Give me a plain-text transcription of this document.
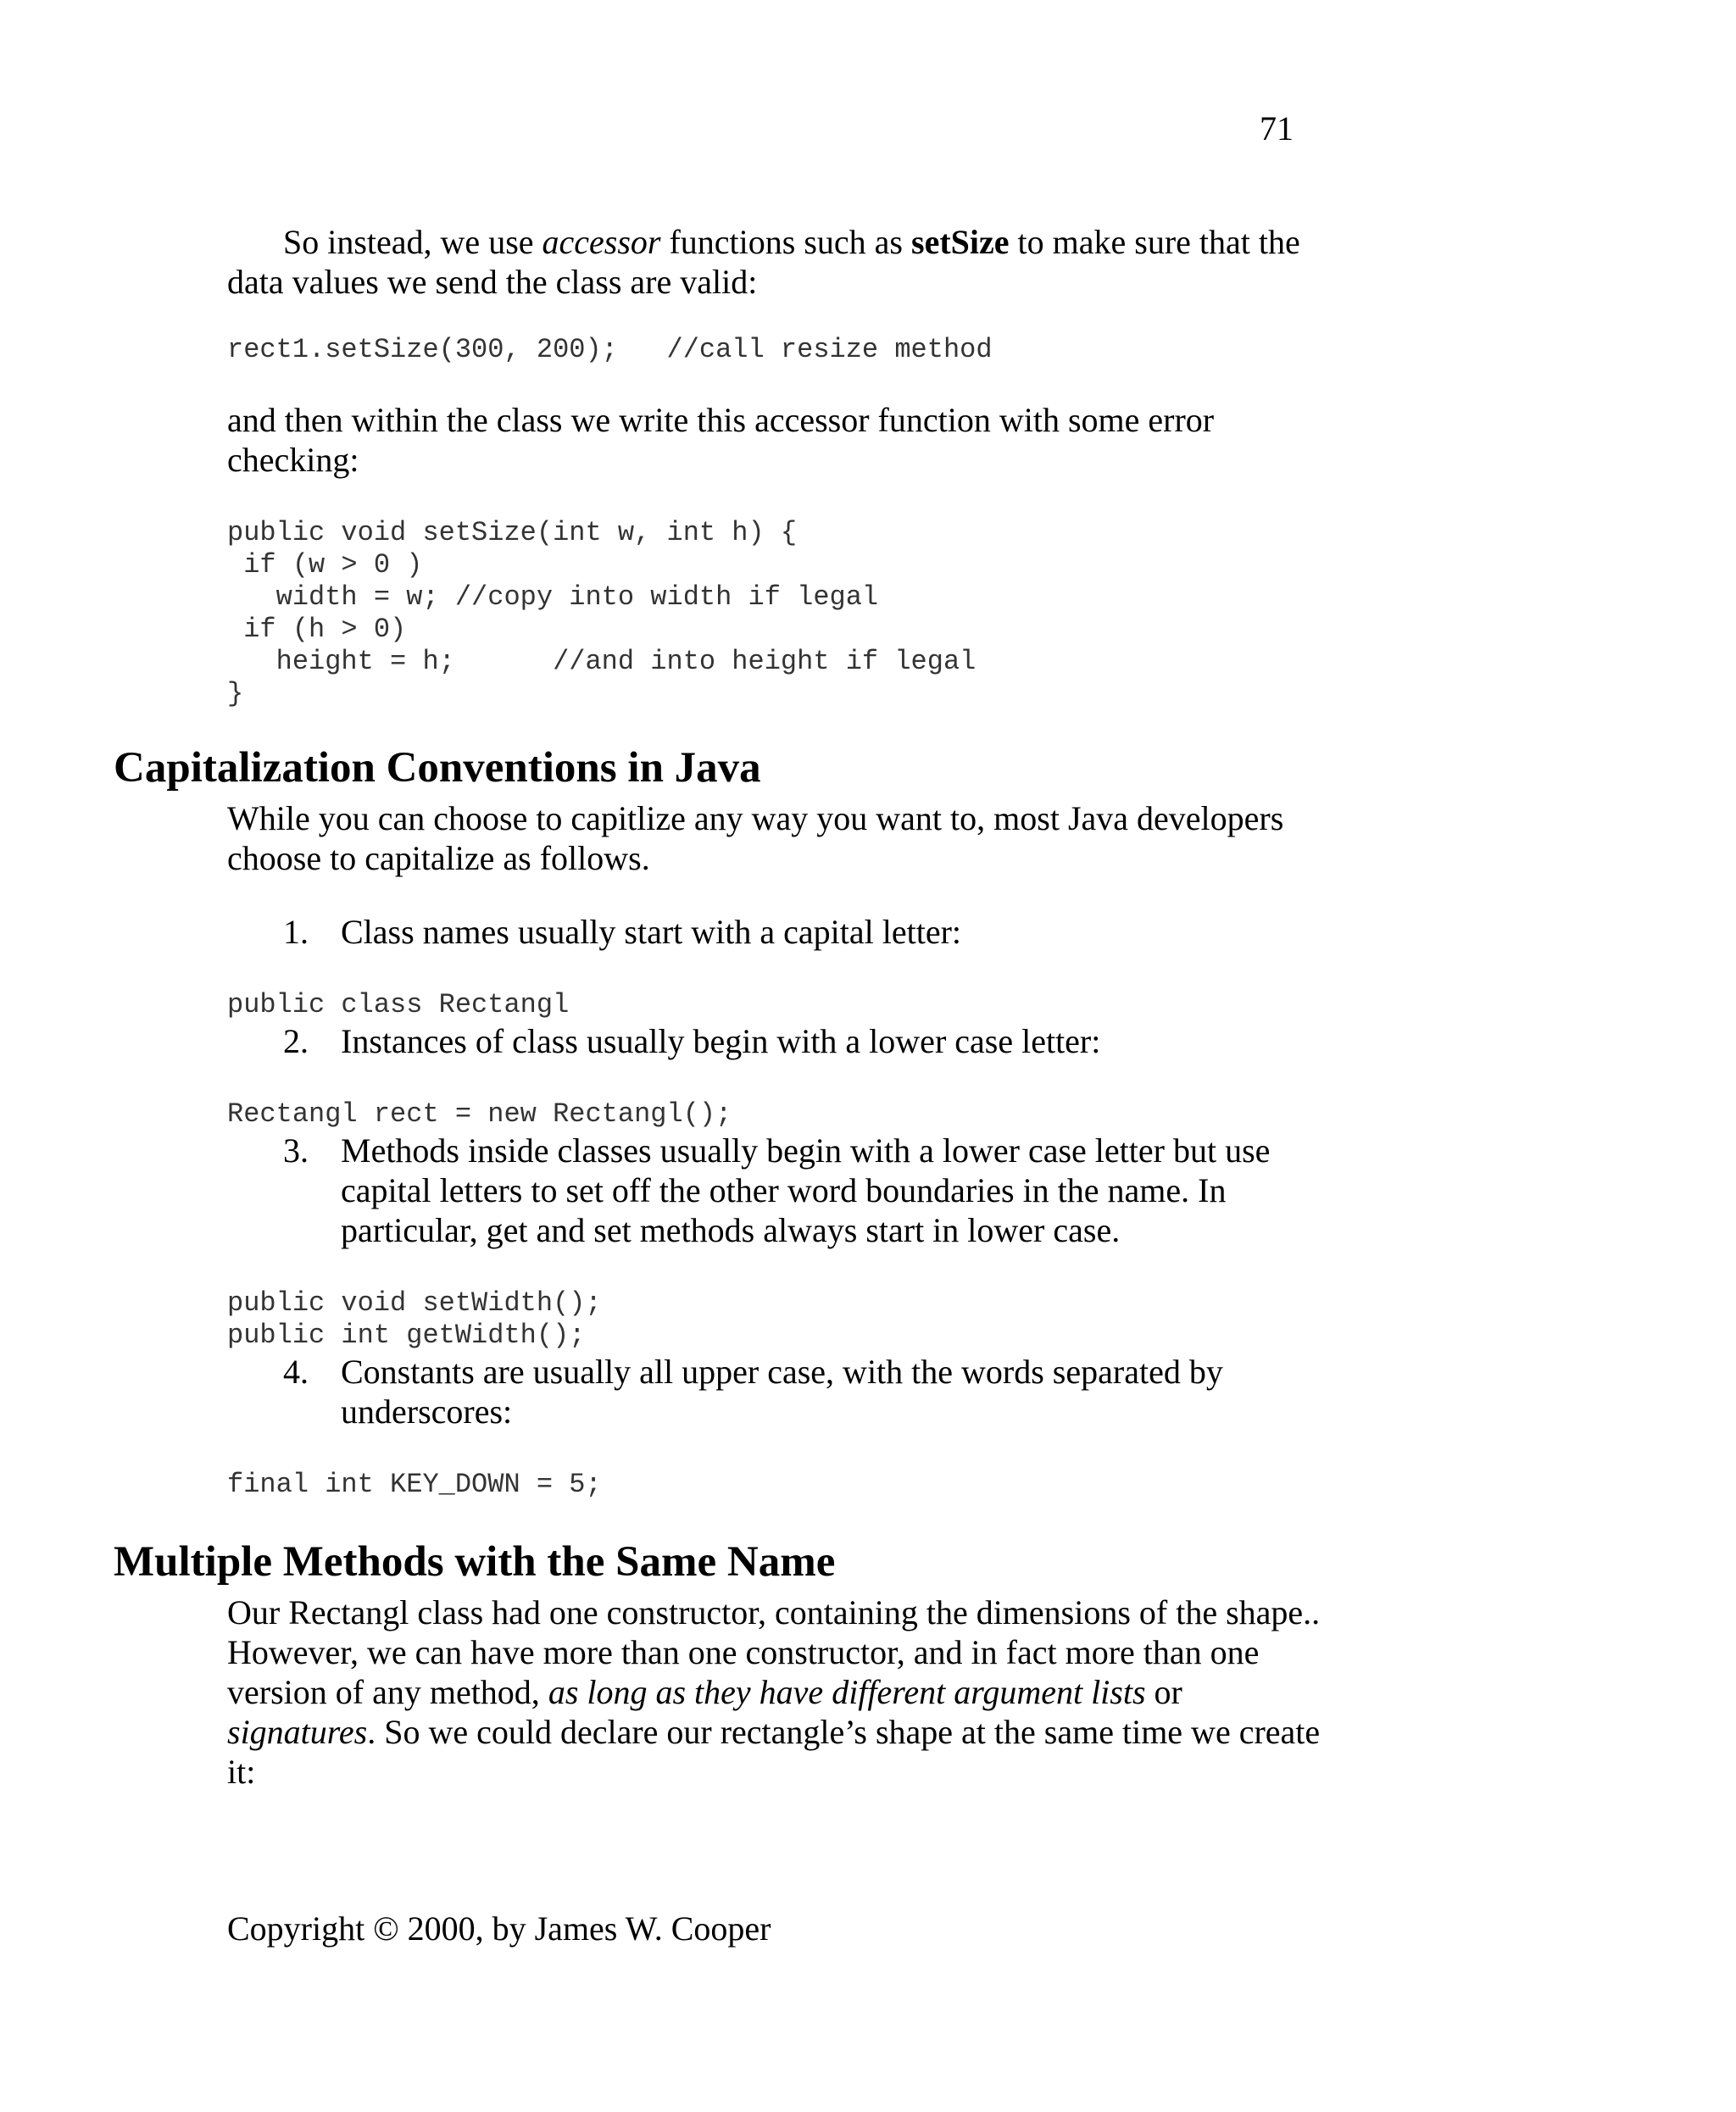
71

So instead, we use accessor functions such as setSize to make sure that the data values we send the class are valid:

rect1.setSize(300, 200);   //call resize method

and then within the class we write this accessor function with some error checking:

public void setSize(int w, int h) {
if (w > 0 )
width = w; //copy into width if legal
if (h > 0)
height = h;      //and into height if legal
}
Capitalization Conventions in Java

While you can choose to capitlize any way you want to, most Java developers choose to capitalize as follows.

1. Class names usually start with a capital letter:
public class Rectangl
2. Instances of class usually begin with a lower case letter:
Rectangl rect = new Rectangl();
3. Methods inside classes usually begin with a lower case letter but use capital letters to set off the other word boundaries in the name. In particular, get and set methods always start in lower case.
public void setWidth();
public int getWidth();
4. Constants are usually all upper case, with the words separated by underscores:
final int KEY_DOWN = 5;
Multiple Methods with the Same Name

Our Rectangl class had one constructor, containing the dimensions of the shape.. However, we can have more than one constructor, and in fact more than one version of any method, as long as they have different argument lists or signatures. So we could declare our rectangle’s shape at the same time we create it:

Copyright © 2000, by James W. Cooper
